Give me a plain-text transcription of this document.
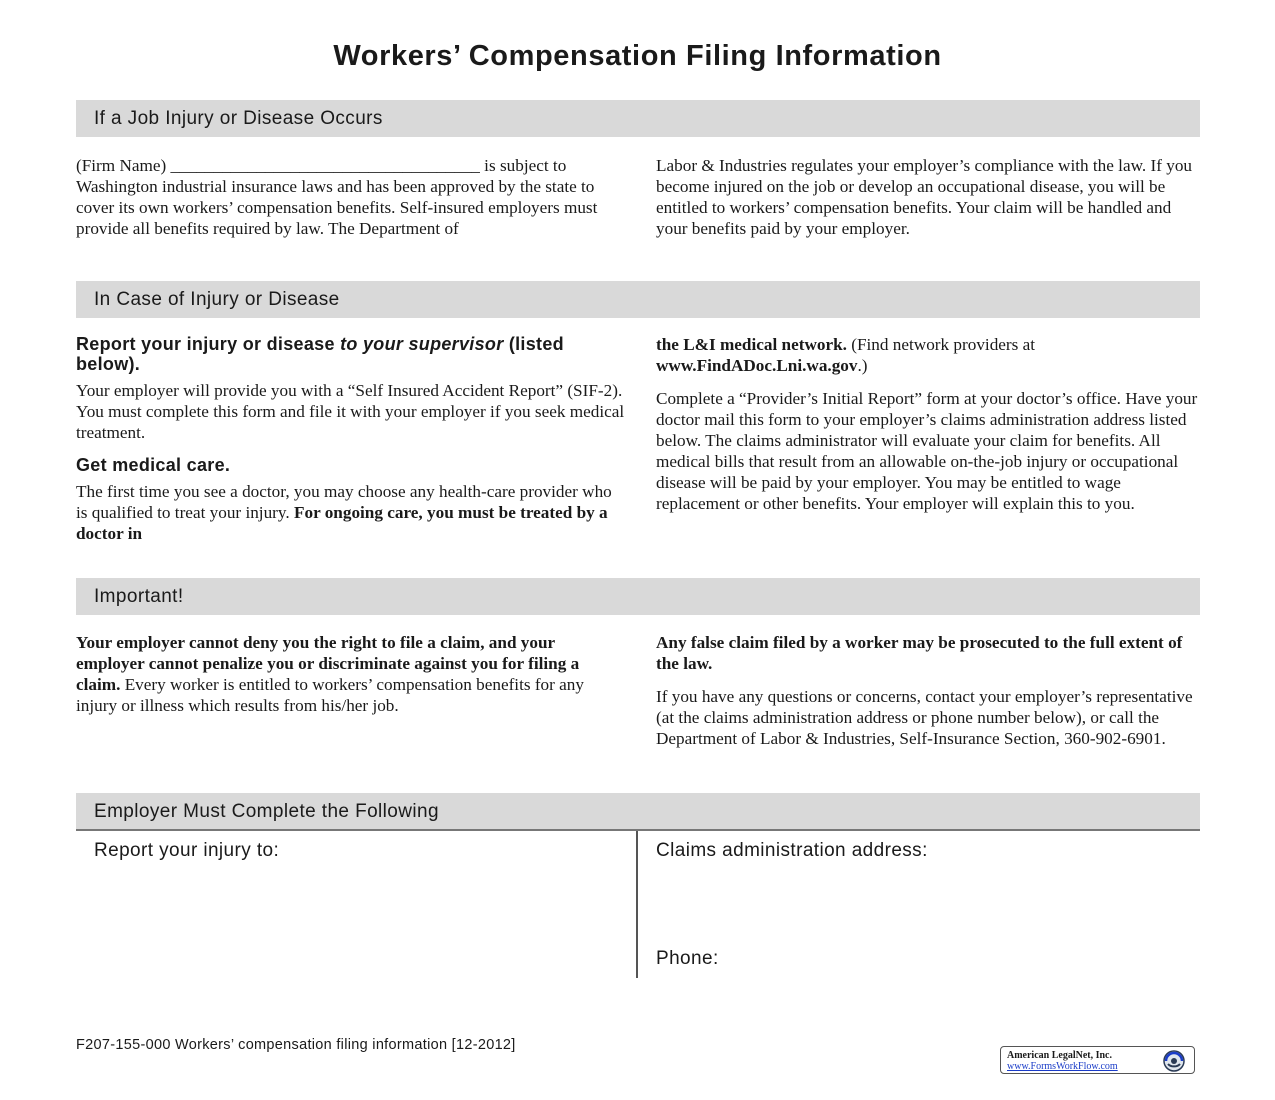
Workers’ Compensation Filing Information
If a Job Injury or Disease Occurs

(Firm Name) ____________________________________ is subject to Washington industrial insurance laws and has been approved by the state to cover its own workers’ compensation benefits. Self-insured employers must provide all benefits required by law. The Department of

Labor & Industries regulates your employer’s compliance with the law. If you become injured on the job or develop an occupational disease, you will be entitled to workers’ compensation benefits. Your claim will be handled and your benefits paid by your employer.

In Case of Injury or Disease
Report your injury or disease to your supervisor (listed below).

Your employer will provide you with a “Self Insured Accident Report” (SIF-2). You must complete this form and file it with your employer if you seek medical treatment.

Get medical care.

The first time you see a doctor, you may choose any health-care provider who is qualified to treat your injury. For ongoing care, you must be treated by a doctor in

the L&I medical network. (Find network providers at www.FindADoc.Lni.wa.gov.)

Complete a “Provider’s Initial Report” form at your doctor’s office. Have your doctor mail this form to your employer’s claims administration address listed below. The claims administrator will evaluate your claim for benefits. All medical bills that result from an allowable on-the-job injury or occupational disease will be paid by your employer. You may be entitled to wage replacement or other benefits. Your employer will explain this to you.

Important!

Your employer cannot deny you the right to file a claim, and your employer cannot penalize you or discriminate against you for filing a claim. Every worker is entitled to workers’ compensation benefits for any injury or illness which results from his/her job.

Any false claim filed by a worker may be prosecuted to the full extent of the law.

If you have any questions or concerns, contact your employer’s representative (at the claims administration address or phone number below), or call the Department of Labor & Industries, Self-Insurance Section, 360-902-6901.

Employer Must Complete the Following
Report your injury to:	Claims administration address:
Phone:
F207-155-000 Workers’ compensation filing information [12-2012]
American LegalNet, Inc.
www.FormsWorkFlow.com
